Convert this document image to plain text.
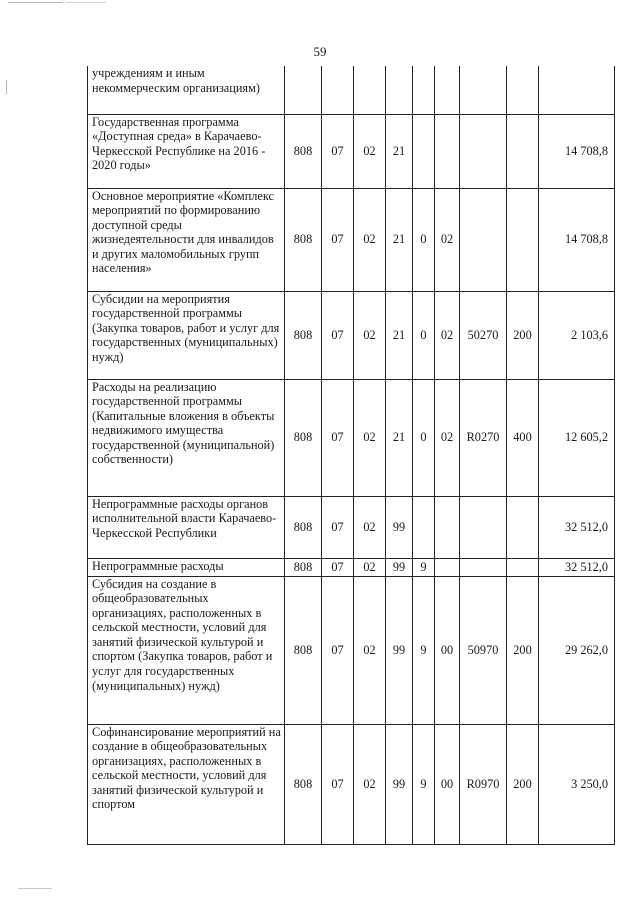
59
учреждениям и иным некоммерческим организациям)									
Государственная программа «Доступная среда» в Карачаево-Черкесской Республике на 2016 - 2020 годы»	808	07	02	21					14 708,8
Основное мероприятие «Комплекс мероприятий по формированию доступной среды жизнедеятельности для инвалидов и других маломобильных групп населения»	808	07	02	21	0	02			14 708,8
Субсидии на мероприятия государственной программы (Закупка товаров, работ и услуг для государственных (муниципальных) нужд)	808	07	02	21	0	02	50270	200	2 103,6
Расходы на реализацию государственной программы (Капитальные вложения в объекты недвижимого имущества государственной (муниципальной) собственности)	808	07	02	21	0	02	R0270	400	12 605,2
Непрограммные расходы органов исполнительной власти Карачаево-Черкесской Республики	808	07	02	99					32 512,0
Непрограммные расходы	808	07	02	99	9				32 512,0
Субсидия на создание в общеобразовательных организациях, расположенных в сельской местности, условий для занятий физической культурой и спортом (Закупка товаров, работ и услуг для государственных (муниципальных) нужд)	808	07	02	99	9	00	50970	200	29 262,0
Софинансирование мероприятий на создание в общеобразовательных организациях, расположенных в сельской местности, условий для занятий физической культурой и спортом	808	07	02	99	9	00	R0970	200	3 250,0
